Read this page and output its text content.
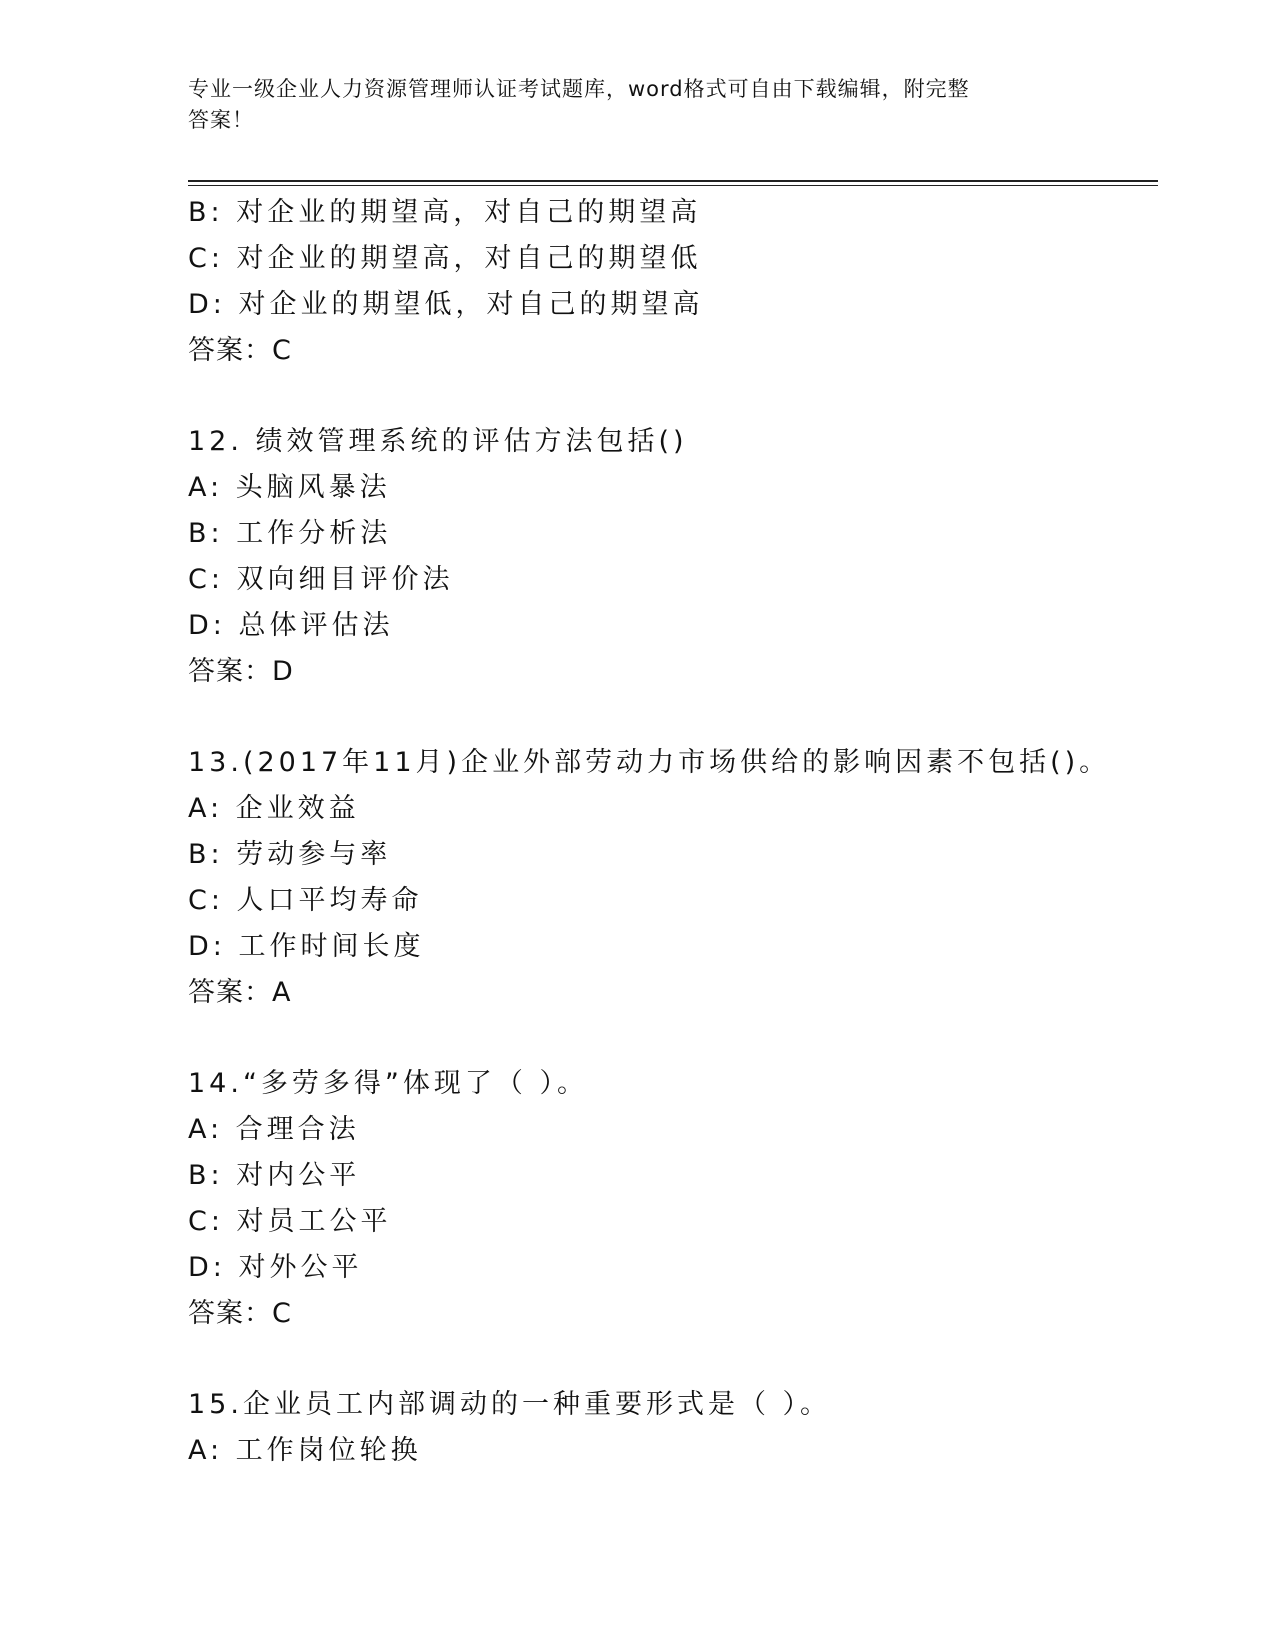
专业一级企业人力资源管理师认证考试题库，word格式可自由下载编辑，附完整
答案！
B: 对企业的期望高，对自己的期望高
C: 对企业的期望高，对自己的期望低
D: 对企业的期望低，对自己的期望高
答案：C
12. 绩效管理系统的评估方法包括()
A: 头脑风暴法
B: 工作分析法
C: 双向细目评价法
D: 总体评估法
答案：D
13.(2017年11月)企业外部劳动力市场供给的影响因素不包括()。
A: 企业效益
B: 劳动参与率
C: 人口平均寿命
D: 工作时间长度
答案：A
14.“多劳多得”体现了（ ）。
A: 合理合法
B: 对内公平
C: 对员工公平
D: 对外公平
答案：C
15.企业员工内部调动的一种重要形式是（ ）。
A: 工作岗位轮换
